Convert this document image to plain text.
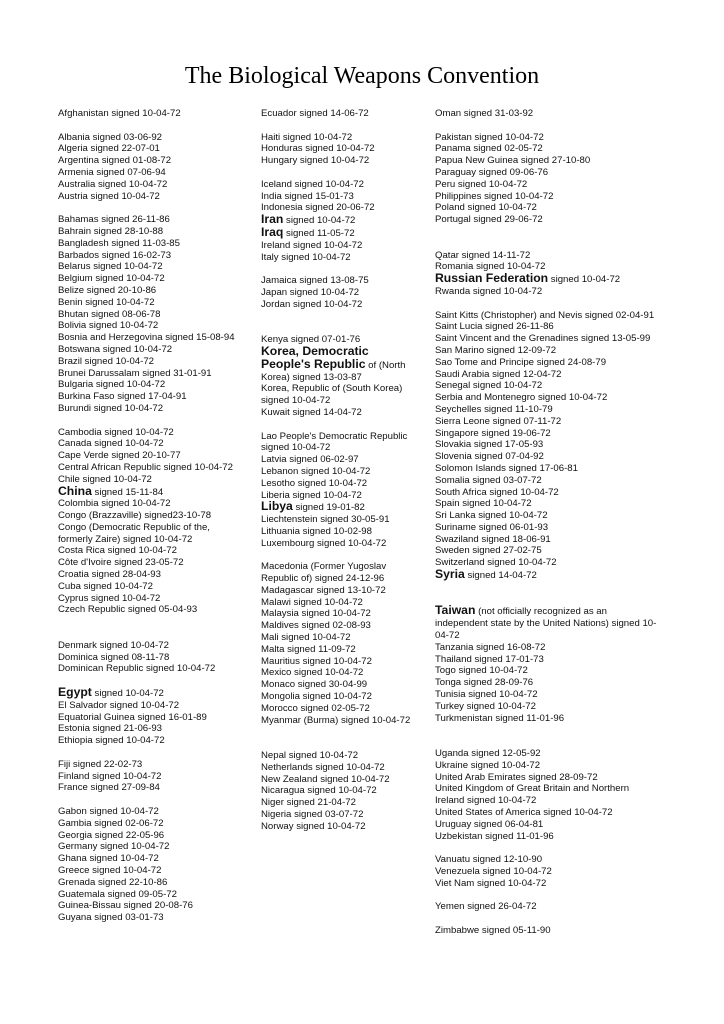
The Biological Weapons Convention
Afghanistan signed 10-04-72
Albania signed 03-06-92
Algeria signed 22-07-01
Argentina signed 01-08-72
Armenia signed 07-06-94
Australia signed 10-04-72
Austria signed 10-04-72
Bahamas signed 26-11-86
Bahrain signed 28-10-88
Bangladesh signed 11-03-85
Barbados signed 16-02-73
Belarus signed 10-04-72
Belgium signed 10-04-72
Belize signed 20-10-86
Benin signed 10-04-72
Bhutan signed 08-06-78
Bolivia signed 10-04-72
Bosnia and Herzegovina signed 15-08-94
Botswana signed 10-04-72
Brazil signed 10-04-72
Brunei Darussalam signed 31-01-91
Bulgaria signed 10-04-72
Burkina Faso signed 17-04-91
Burundi signed 10-04-72
Cambodia signed 10-04-72
Canada signed 10-04-72
Cape Verde signed 20-10-77
Central African Republic signed 10-04-72
Chile signed 10-04-72
China signed 15-11-84
Colombia signed 10-04-72
Congo (Brazzaville) signed23-10-78
Congo (Democratic Republic of the, formerly Zaire) signed 10-04-72
Costa Rica signed 10-04-72
Côte d'Ivoire signed 23-05-72
Croatia signed 28-04-93
Cuba signed 10-04-72
Cyprus signed 10-04-72
Czech Republic signed 05-04-93
Denmark signed 10-04-72
Dominica signed 08-11-78
Dominican Republic signed 10-04-72
Egypt signed 10-04-72
El Salvador signed 10-04-72
Equatorial Guinea signed 16-01-89
Estonia signed 21-06-93
Ethiopia signed 10-04-72
Fiji signed 22-02-73
Finland signed 10-04-72
France signed 27-09-84
Gabon signed 10-04-72
Gambia signed 02-06-72
Georgia signed 22-05-96
Germany signed 10-04-72
Ghana signed 10-04-72
Greece signed 10-04-72
Grenada signed 22-10-86
Guatemala signed 09-05-72
Guinea-Bissau signed 20-08-76
Guyana signed 03-01-73
Ecuador signed 14-06-72
Haiti signed 10-04-72
Honduras signed 10-04-72
Hungary signed 10-04-72
Iceland signed 10-04-72
India signed 15-01-73
Indonesia signed 20-06-72
Iran signed 10-04-72
Iraq signed 11-05-72
Ireland signed 10-04-72
Italy signed 10-04-72
Jamaica signed 13-08-75
Japan signed 10-04-72
Jordan signed 10-04-72
Kenya signed 07-01-76
Korea, Democratic People's Republic of (North Korea) signed 13-03-87
Korea, Republic of (South Korea) signed 10-04-72
Kuwait signed 14-04-72
Lao People's Democratic Republic signed 10-04-72
Latvia signed 06-02-97
Lebanon signed 10-04-72
Lesotho signed 10-04-72
Liberia signed 10-04-72
Libya signed 19-01-82
Liechtenstein signed 30-05-91
Lithuania signed 10-02-98
Luxembourg signed 10-04-72
Macedonia (Former Yugoslav Republic of) signed 24-12-96
Madagascar signed 13-10-72
Malawi signed 10-04-72
Malaysia signed 10-04-72
Maldives signed 02-08-93
Mali signed 10-04-72
Malta signed 11-09-72
Mauritius signed 10-04-72
Mexico signed 10-04-72
Monaco signed 30-04-99
Mongolia signed 10-04-72
Morocco signed 02-05-72
Myanmar (Burma) signed 10-04-72
Nepal signed 10-04-72
Netherlands signed 10-04-72
New Zealand signed 10-04-72
Nicaragua signed 10-04-72
Niger signed 21-04-72
Nigeria signed 03-07-72
Norway signed 10-04-72
Oman signed 31-03-92
Pakistan signed 10-04-72
Panama signed 02-05-72
Papua New Guinea signed 27-10-80
Paraguay signed 09-06-76
Peru signed 10-04-72
Philippines signed 10-04-72
Poland signed 10-04-72
Portugal signed 29-06-72
Qatar signed 14-11-72
Romania signed 10-04-72
Russian Federation signed 10-04-72
Rwanda signed 10-04-72
Saint Kitts (Christopher) and Nevis signed 02-04-91
Saint Lucia signed 26-11-86
Saint Vincent and the Grenadines signed 13-05-99
San Marino signed 12-09-72
Sao Tome and Principe signed 24-08-79
Saudi Arabia signed 12-04-72
Senegal signed 10-04-72
Serbia and Montenegro signed 10-04-72
Seychelles signed 11-10-79
Sierra Leone signed 07-11-72
Singapore signed 19-06-72
Slovakia signed 17-05-93
Slovenia signed 07-04-92
Solomon Islands signed 17-06-81
Somalia signed 03-07-72
South Africa signed 10-04-72
Spain signed 10-04-72
Sri Lanka signed 10-04-72
Suriname signed 06-01-93
Swaziland signed 18-06-91
Sweden signed 27-02-75
Switzerland signed 10-04-72
Syria signed 14-04-72
Taiwan (not officially recognized as an independent state by the United Nations) signed 10-04-72
Tanzania signed 16-08-72
Thailand signed 17-01-73
Togo signed 10-04-72
Tonga signed 28-09-76
Tunisia signed 10-04-72
Turkey signed 10-04-72
Turkmenistan signed 11-01-96
Uganda signed 12-05-92
Ukraine signed 10-04-72
United Arab Emirates signed 28-09-72
United Kingdom of Great Britain and Northern Ireland signed 10-04-72
United States of America signed 10-04-72
Uruguay signed 06-04-81
Uzbekistan signed 11-01-96
Vanuatu signed 12-10-90
Venezuela signed 10-04-72
Viet Nam signed 10-04-72
Yemen signed 26-04-72
Zimbabwe signed 05-11-90
